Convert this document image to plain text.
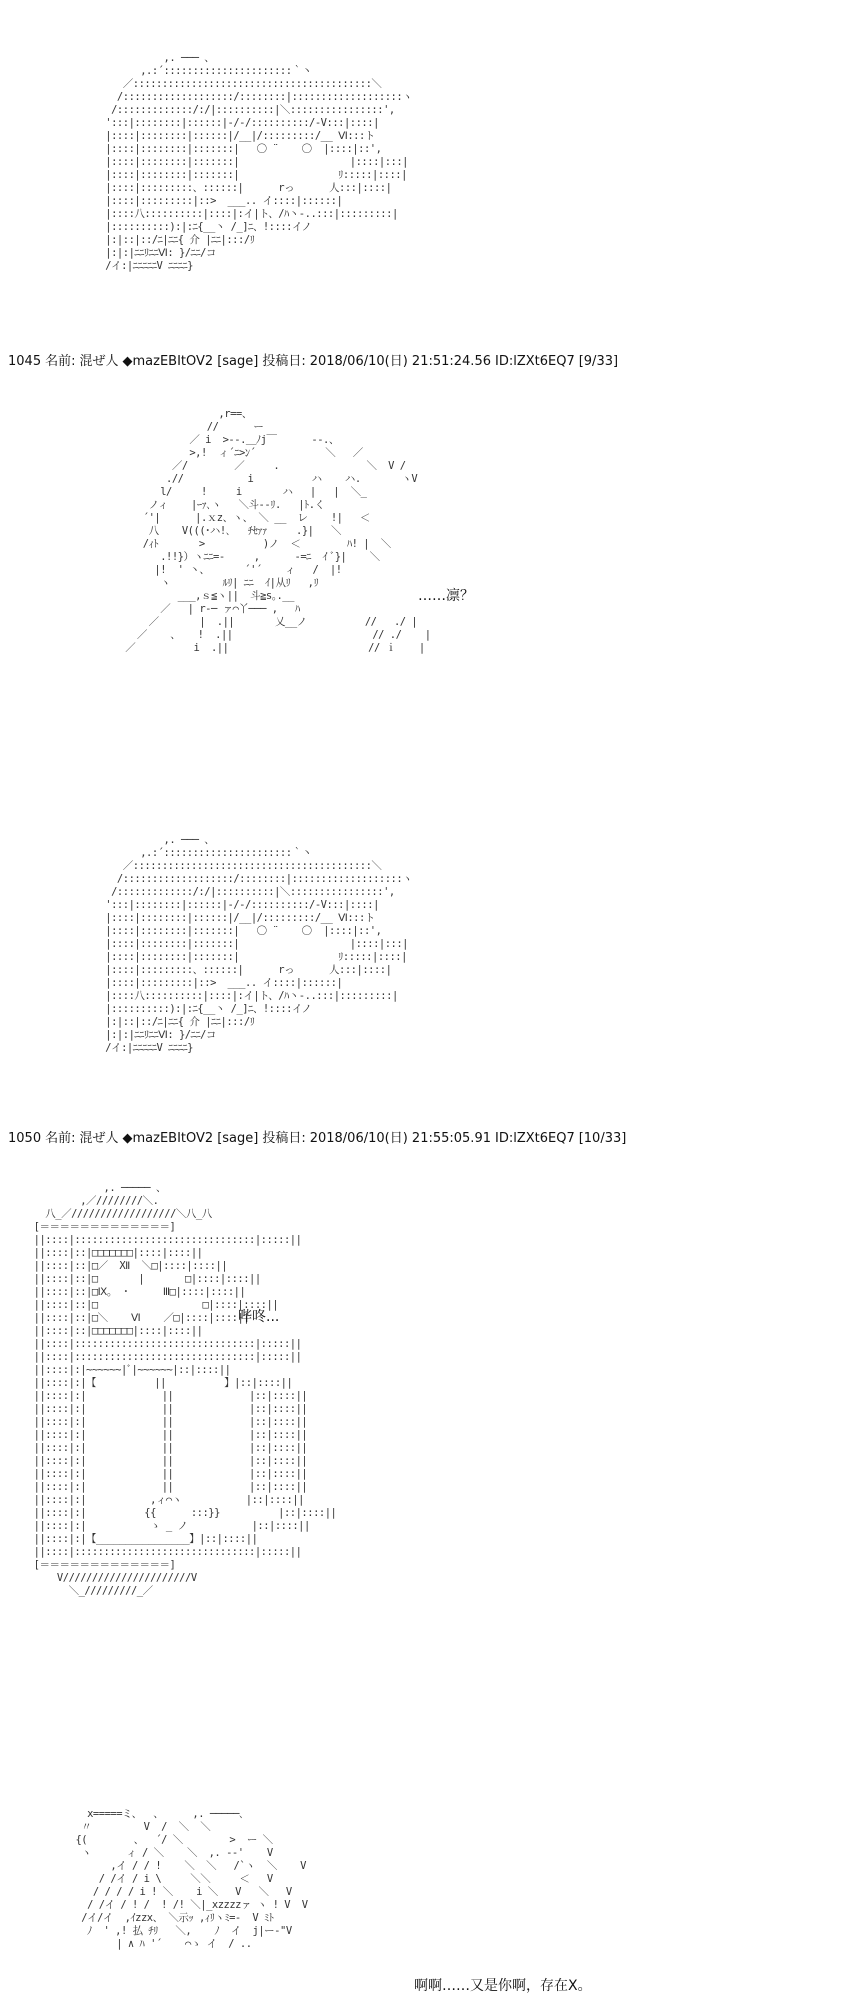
,. ─── 、
,.:´::::::::::::::::::::::｀丶
／:::::::::::::::::::::::::::::::::::::::::＼
/:::::::::::::::::::/::::::::|:::::::::::::::::::ヽ
/:::::::::::::/:/|::::::::::|＼::::::::::::::::',
':::|::::::::|::::::|-/‐/::::::::::/‐V:::|::::|
|::::|::::::::|::::::|/__|/:::::::::/__ Ⅵ:::ト
|::::|::::::::|:::::::|   〇 ¨    〇  |::::|::',
|::::|::::::::|:::::::|                   |::::|:::|
|::::|::::::::|:::::::|                 ﾘ:::::|::::|
|::::|:::::::::、::::::|      rっ      人:::|::::|
|::::|:::::::::|::>  ___.. イ::::|::::::|
|::::八::::::::::|::::|:イ|ト、/ﾊ丶-..:::|:::::::::|
|::::::::::):|:ﾆ{__丶 /_]ﾆ、!::::イノ
|:|::|::/ﾆ|ﾆﾆ{ 介 |ﾆﾆ|:::/ﾘ
|:|:|ﾆﾆﾘﾆﾆⅥ: }/ﾆﾆ/コ
/イ:|ﾆﾆﾆﾆﾆV ﾆﾆﾆﾆ}

1045 名前: 混ぜ人 ◆mazEBItOV2 [sage] 投稿日: 2018/06/10(日) 21:51:24.56 ID:lZXt6EQ7 [9/33]
,r==、
//      ー
／ i  >‐-.＿ﾉj￣      ‐‐.、
>,!  ィ´ﾆ>ﾝ´            ＼   ／
／/        ／     .               ＼  V /
.//           i          ハ    ハ.       ヽV
l/     !     i       ハ   |   |  ＼_
ノィ    |ｰｧ､ヽ   ＼斗‐‐ﾘ.   |ﾄ.く
´'|      |.ｘz、ヽ、 ＼ __  レ    !|   ＜
八    V(((･ハ!､   ﾁｾｧｧ     .}|   ＼
/ｨﾄ       >          )ノ  ＜        ﾊ! |  ＼
.!!}）ヽﾆﾆ=-     ,      -=ﾆ  ｲ ﾞ}|    ＼
|!  ' 丶、      ´'´    ィ   /  |!
ヽ         ﾙﾘ| ﾆﾆ  ｲ|从ﾘ   ,ﾘ
___,ｓ≦ヽ||  斗≧s｡.__
／   | r‐─ ァ⌒丫─── ,   ﾊ
／       |  .||       乂__ノ          //   ./ |
／    、   !  .||                        // ./    |
／          i  .||                        // ｉ    |

……凛？
,. ─── 、
,.:´::::::::::::::::::::::｀丶
／:::::::::::::::::::::::::::::::::::::::::＼
/:::::::::::::::::::/::::::::|:::::::::::::::::::ヽ
/:::::::::::::/:/|::::::::::|＼::::::::::::::::',
':::|::::::::|::::::|-/‐/::::::::::/‐V:::|::::|
|::::|::::::::|::::::|/__|/:::::::::/__ Ⅵ:::ト
|::::|::::::::|:::::::|   〇 ¨    〇  |::::|::',
|::::|::::::::|:::::::|                   |::::|:::|
|::::|::::::::|:::::::|                 ﾘ:::::|::::|
|::::|:::::::::、::::::|      rっ      人:::|::::|
|::::|:::::::::|::>  ___.. イ::::|::::::|
|::::八::::::::::|::::|:イ|ト、/ﾊ丶-..:::|:::::::::|
|::::::::::):|:ﾆ{__丶 /_]ﾆ、!::::イノ
|:|::|::/ﾆ|ﾆﾆ{ 介 |ﾆﾆ|:::/ﾘ
|:|:|ﾆﾆﾘﾆﾆⅥ: }/ﾆﾆ/コ
/イ:|ﾆﾆﾆﾆﾆV ﾆﾆﾆﾆ}

1050 名前: 混ぜ人 ◆mazEBItOV2 [sage] 投稿日: 2018/06/10(日) 21:55:05.91 ID:lZXt6EQ7 [10/33]
,. ───── 、
,／////////＼.
八_／//////////////////＼八_八
[＝＝＝＝＝＝＝＝＝＝＝＝＝]
||::::|:::::::::::::::::::::::::::::::|:::::||
||::::|::|□□□□□□□|::::|::::||
||::::|::|□／  XⅡ  ＼□|::::|::::||
||::::|::|□       |       □|::::|::::||
||::::|::|□Ⅸ｡  ･      Ⅲ□|::::|::::||
||::::|::|□                  □|::::|::::||
||::::|::|□＼    Ⅵ    ／□|::::|::::||
||::::|::|□□□□□□□|::::|::::||
||::::|:::::::::::::::::::::::::::::::|:::::||
||::::|:::::::::::::::::::::::::::::::|:::::||
||::::|:|~~~~~~|ﾞ|~~~~~~|::|::::||
||::::|:|【          ||          】|::|::::||
||::::|:|             ||             |::|::::||
||::::|:|             ||             |::|::::||
||::::|:|             ||             |::|::::||
||::::|:|             ||             |::|::::||
||::::|:|             ||             |::|::::||
||::::|:|             ||             |::|::::||
||::::|:|             ||             |::|::::||
||::::|:|             ||             |::|::::||
||::::|:|           ,ィ⌒ヽ           |::|::::||
||::::|:|          {{      :::}}          |::|::::||
||::::|:|           ゝ _ ノ           |::|::::||
||::::|:|【________________】|::|::::||
||::::|:::::::::::::::::::::::::::::::|:::::||
[＝＝＝＝＝＝＝＝＝＝＝＝＝]
V//////////////////////V
＼_/////////_／

哔咚...
x=====ミ、  、     ,. ─────､
〃         V  /  ＼  ＼
{(        、  ´/ ＼        >  ー ＼
ヽ      ィ / ＼    ＼  ,. -‐'    V
,イ / / !    ＼  ＼   /`ヽ  ＼    V
/ /イ / i \     ＼＼     ＜   V
/ / / / i ! ＼    i ＼   V   ＼   V
/ /イ / ! /  ! /! ＼|_xzzzzァ ヽ ! V  V
/イ/イ  ,ｲzzx、 ＼示ｯ ,ｨﾘヽﾐ=-  V ﾐﾄ
ﾉ  ' ,! 払 ﾁﾘ   ＼,    ﾉ  イ  j|ー‐"V
| ∧ ﾊ '´    ⌒ゝ イ  / ..
啊啊……又是你啊，存在X。
